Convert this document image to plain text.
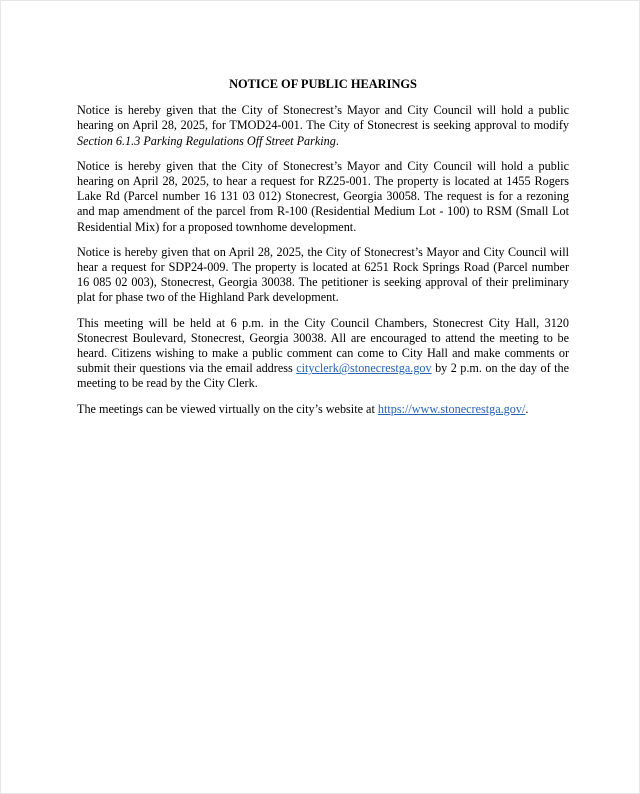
NOTICE OF PUBLIC HEARINGS

Notice is hereby given that the City of Stonecrest’s Mayor and City Council will hold a public hearing on April 28, 2025, for TMOD24-001. The City of Stonecrest is seeking approval to modify Section 6.1.3 Parking Regulations Off Street Parking.

Notice is hereby given that the City of Stonecrest’s Mayor and City Council will hold a public hearing on April 28, 2025, to hear a request for RZ25-001. The property is located at 1455 Rogers Lake Rd (Parcel number 16 131 03 012) Stonecrest, Georgia 30058. The request is for a rezoning and map amendment of the parcel from R-100 (Residential Medium Lot - 100) to RSM (Small Lot Residential Mix) for a proposed townhome development.

Notice is hereby given that on April 28, 2025, the City of Stonecrest’s Mayor and City Council will hear a request for SDP24-009. The property is located at 6251 Rock Springs Road (Parcel number 16 085 02 003), Stonecrest, Georgia 30038. The petitioner is seeking approval of their preliminary plat for phase two of the Highland Park development.

This meeting will be held at 6 p.m. in the City Council Chambers, Stonecrest City Hall, 3120 Stonecrest Boulevard, Stonecrest, Georgia 30038. All are encouraged to attend the meeting to be heard. Citizens wishing to make a public comment can come to City Hall and make comments or submit their questions via the email address cityclerk@stonecrestga.gov by 2 p.m. on the day of the meeting to be read by the City Clerk.

The meetings can be viewed virtually on the city’s website at https://www.stonecrestga.gov/.
